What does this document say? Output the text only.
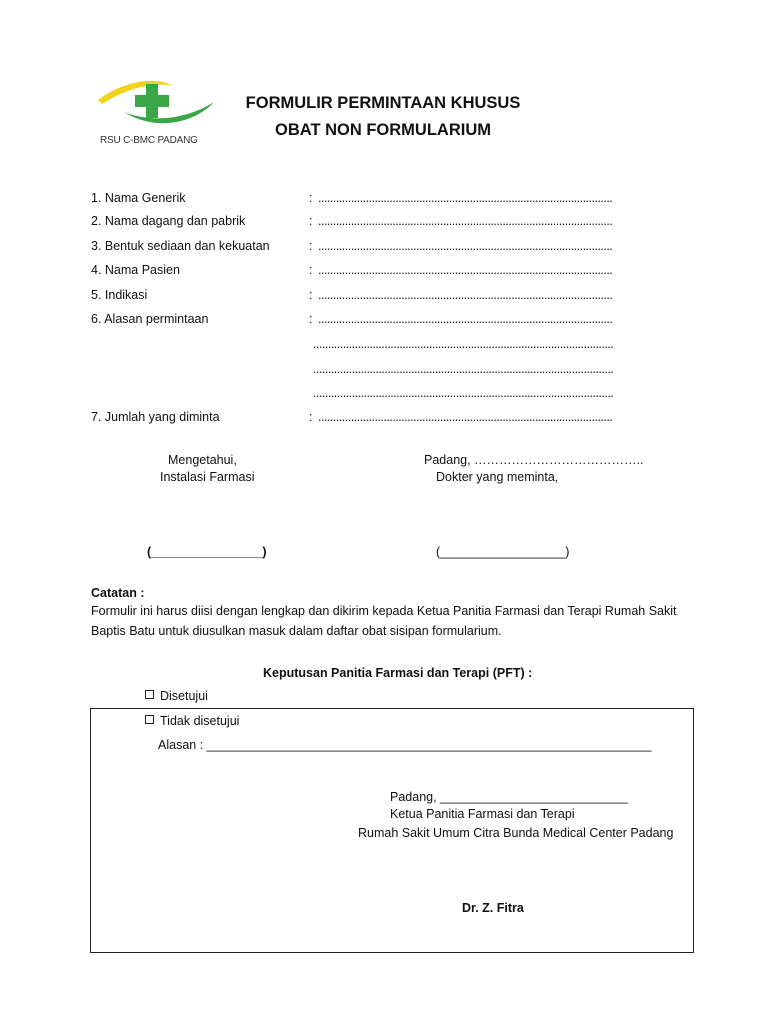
RSU C-BMC PADANG
FORMULIR PERMINTAAN KHUSUS
OBAT NON FORMULARIUM
1. Nama Generik	: ...................................................................................................
2. Nama dagang dan pabrik	: ...................................................................................................
3. Bentuk sediaan dan kekuatan	: ...................................................................................................
4. Nama Pasien	: ...................................................................................................
5. Indikasi	: ...................................................................................................
6. Alasan permintaan	: ...................................................................................................
.....................................................................................................
.....................................................................................................
.....................................................................................................
7. Jumlah yang diminta	: ...................................................................................................
Mengetahui,
Instalasi Farmasi
(________________)
Padang, …………………………………..
Dokter yang meminta,
(__________________)
Catatan :
Formulir ini harus diisi dengan lengkap dan dikirim kepada Ketua Panitia Farmasi dan Terapi Rumah Sakit
Baptis Batu untuk diusulkan masuk dalam daftar obat sisipan formularium.
Keputusan Panitia Farmasi dan Terapi (PFT) :
Disetujui
Tidak disetujui
Alasan : ________________________________________________________________
Padang, ___________________________
Ketua Panitia Farmasi dan Terapi
Rumah Sakit Umum Citra Bunda Medical Center Padang
Dr. Z. Fitra
